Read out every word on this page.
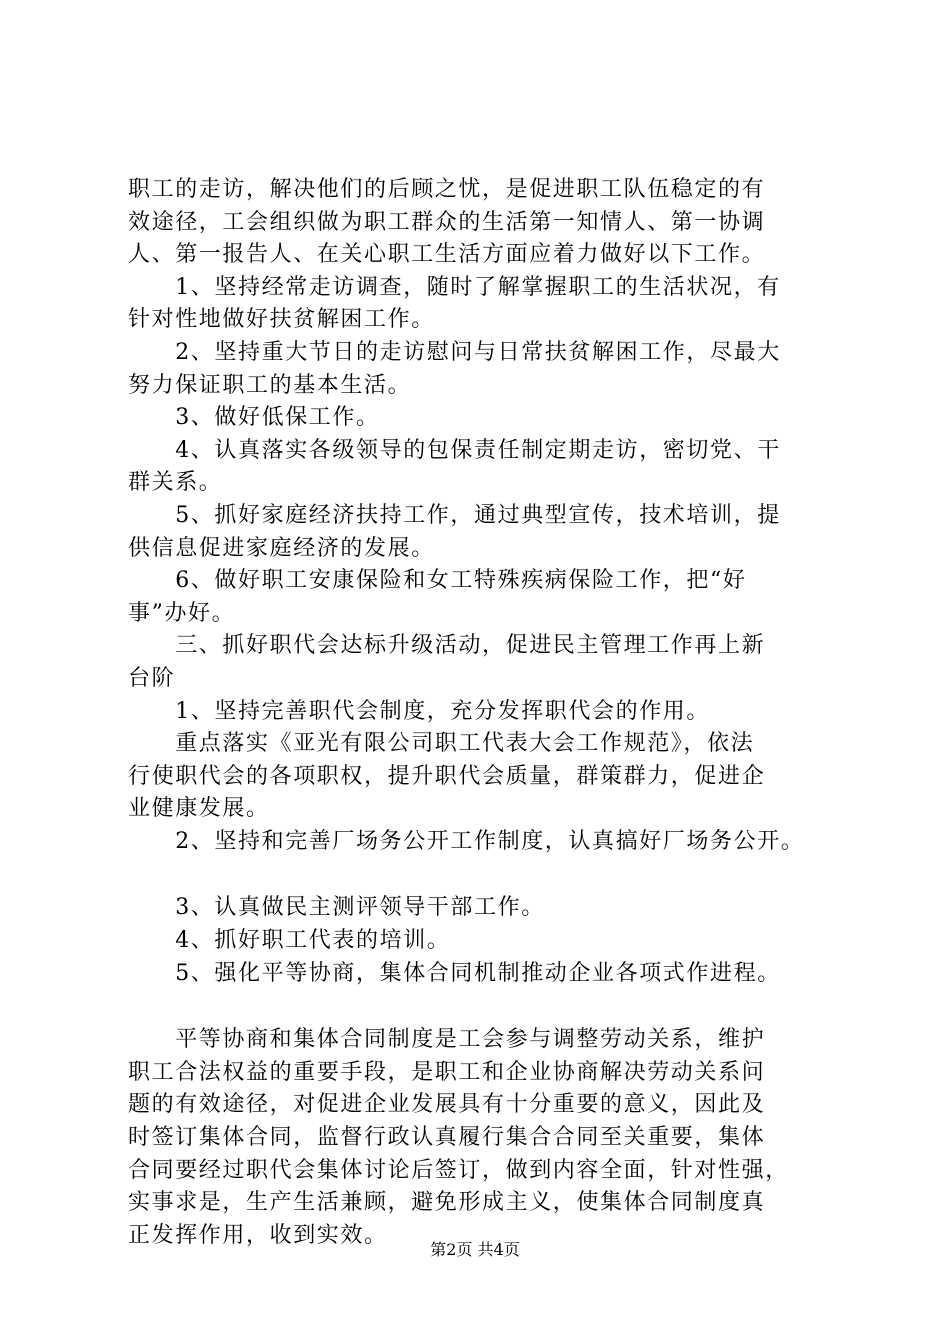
职工的走访，解决他们的后顾之忧，是促进职工队伍稳定的有
效途径，工会组织做为职工群众的生活第一知情人、第一协调
人、第一报告人、在关心职工生活方面应着力做好以下工作。
　　1、坚持经常走访调查，随时了解掌握职工的生活状况，有
针对性地做好扶贫解困工作。
　　2、坚持重大节日的走访慰问与日常扶贫解困工作，尽最大
努力保证职工的基本生活。
　　3、做好低保工作。
　　4、认真落实各级领导的包保责任制定期走访，密切党、干
群关系。
　　5、抓好家庭经济扶持工作，通过典型宣传，技术培训，提
供信息促进家庭经济的发展。
　　6、做好职工安康保险和女工特殊疾病保险工作，把“好
事”办好。
　　三、抓好职代会达标升级活动，促进民主管理工作再上新
台阶
　　1、坚持完善职代会制度，充分发挥职代会的作用。
　　重点落实《亚光有限公司职工代表大会工作规范》，依法
行使职代会的各项职权，提升职代会质量，群策群力，促进企
业健康发展。
　　2、坚持和完善厂场务公开工作制度，认真搞好厂场务公开。
　　3、认真做民主测评领导干部工作。
　　4、抓好职工代表的培训。
　　5、强化平等协商，集体合同机制推动企业各项式作进程。
　　平等协商和集体合同制度是工会参与调整劳动关系，维护
职工合法权益的重要手段，是职工和企业协商解决劳动关系问
题的有效途径，对促进企业发展具有十分重要的意义，因此及
时签订集体合同，监督行政认真履行集合合同至关重要，集体
合同要经过职代会集体讨论后签订，做到内容全面，针对性强，
实事求是，生产生活兼顾，避免形成主义，使集体合同制度真
正发挥作用，收到实效。
第2页 共4页
